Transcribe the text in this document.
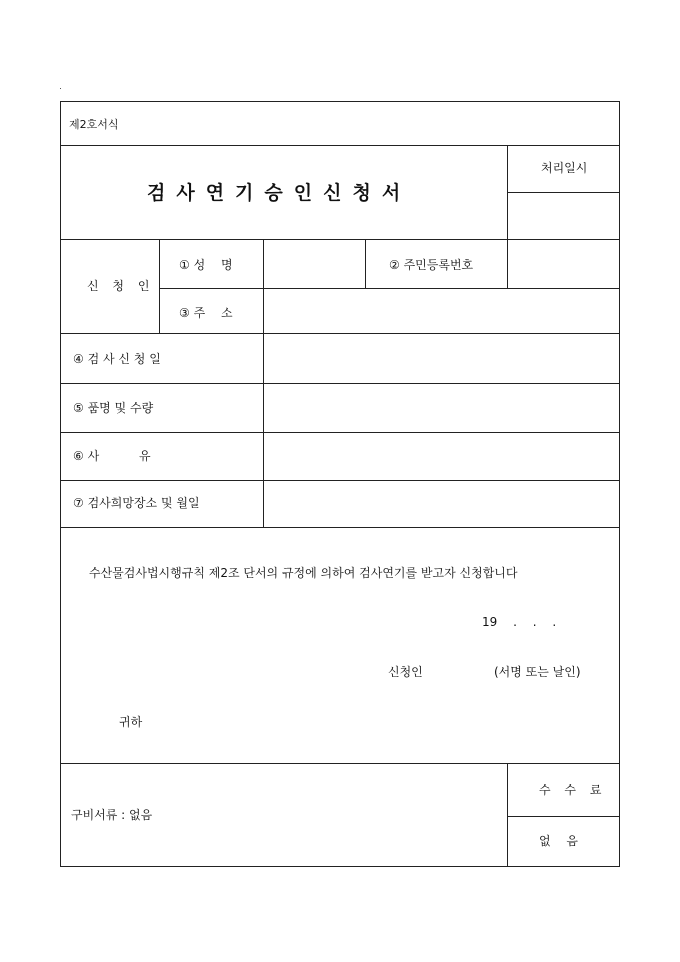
제2호서식
검사연기승인신청서
처리일시
신 청 인
① 성　 명	② 주민등록번호
③ 주　 소
④ 검 사 신 청 일
⑤ 품명 및 수량
⑥ 사　　　 유
⑦ 검사희망장소 및 월일
수산물검사법시행규칙 제2조 단서의 규정에 의하여 검사연기를 받고자 신청합니다
19　 .　 .　 .
신청인	(서명 또는 날인)
귀하
구비서류 : 없음
수 수 료
없　 음
